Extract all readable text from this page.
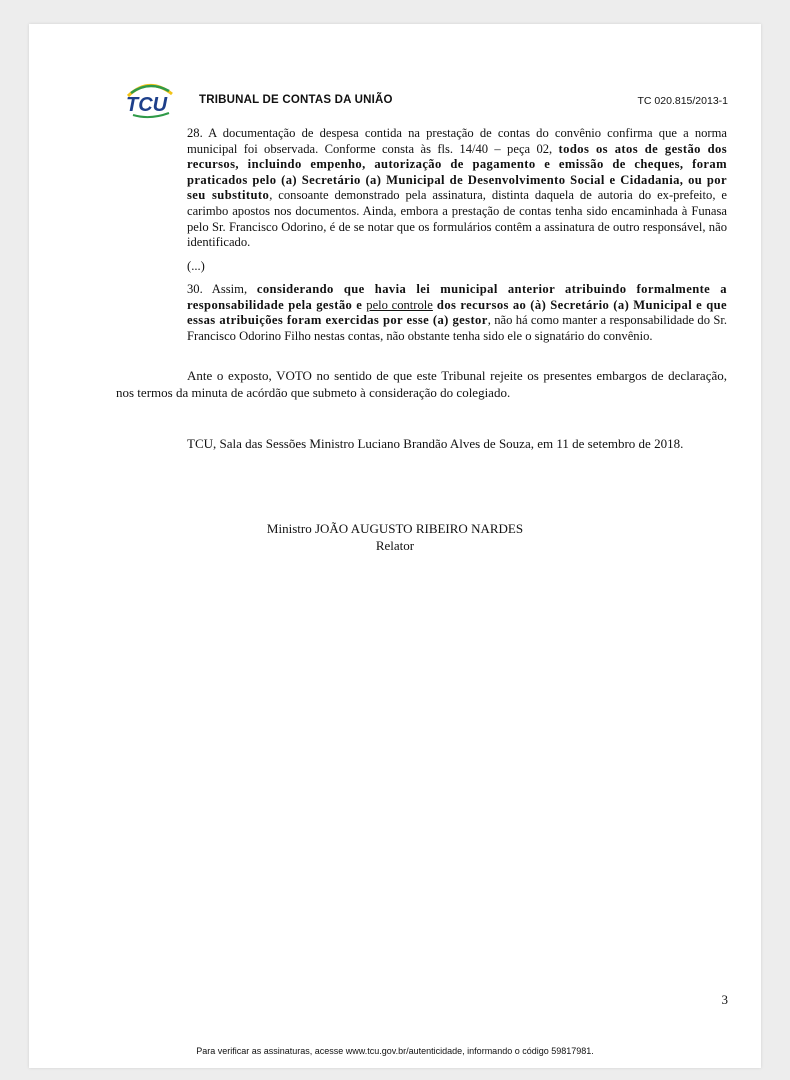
TCU	TRIBUNAL DE CONTAS DA UNIÃO	TC 020.815/2013-1

28. A documentação de despesa contida na prestação de contas do convênio confirma que a norma municipal foi observada. Conforme consta às fls. 14/40 – peça 02, todos os atos de gestão dos recursos, incluindo empenho, autorização de pagamento e emissão de cheques, foram praticados pelo (a) Secretário (a) Municipal de Desenvolvimento Social e Cidadania, ou por seu substituto, consoante demonstrado pela assinatura, distinta daquela de autoria do ex-prefeito, e carimbo apostos nos documentos. Ainda, embora a prestação de contas tenha sido encaminhada à Funasa pelo Sr. Francisco Odorino, é de se notar que os formulários contêm a assinatura de outro responsável, não identificado.

(...)

30. Assim, considerando que havia lei municipal anterior atribuindo formalmente a responsabilidade pela gestão e pelo controle dos recursos ao (à) Secretário (a) Municipal e que essas atribuições foram exercidas por esse (a) gestor, não há como manter a responsabilidade do Sr. Francisco Odorino Filho nestas contas, não obstante tenha sido ele o signatário do convênio.

Ante o exposto, VOTO no sentido de que este Tribunal rejeite os presentes embargos de declaração, nos termos da minuta de acórdão que submeto à consideração do colegiado.
TCU, Sala das Sessões Ministro Luciano Brandão Alves de Souza, em 11 de setembro de 2018.
Ministro JOÃO AUGUSTO RIBEIRO NARDES
Relator
3
Para verificar as assinaturas, acesse www.tcu.gov.br/autenticidade, informando o código 59817981.
